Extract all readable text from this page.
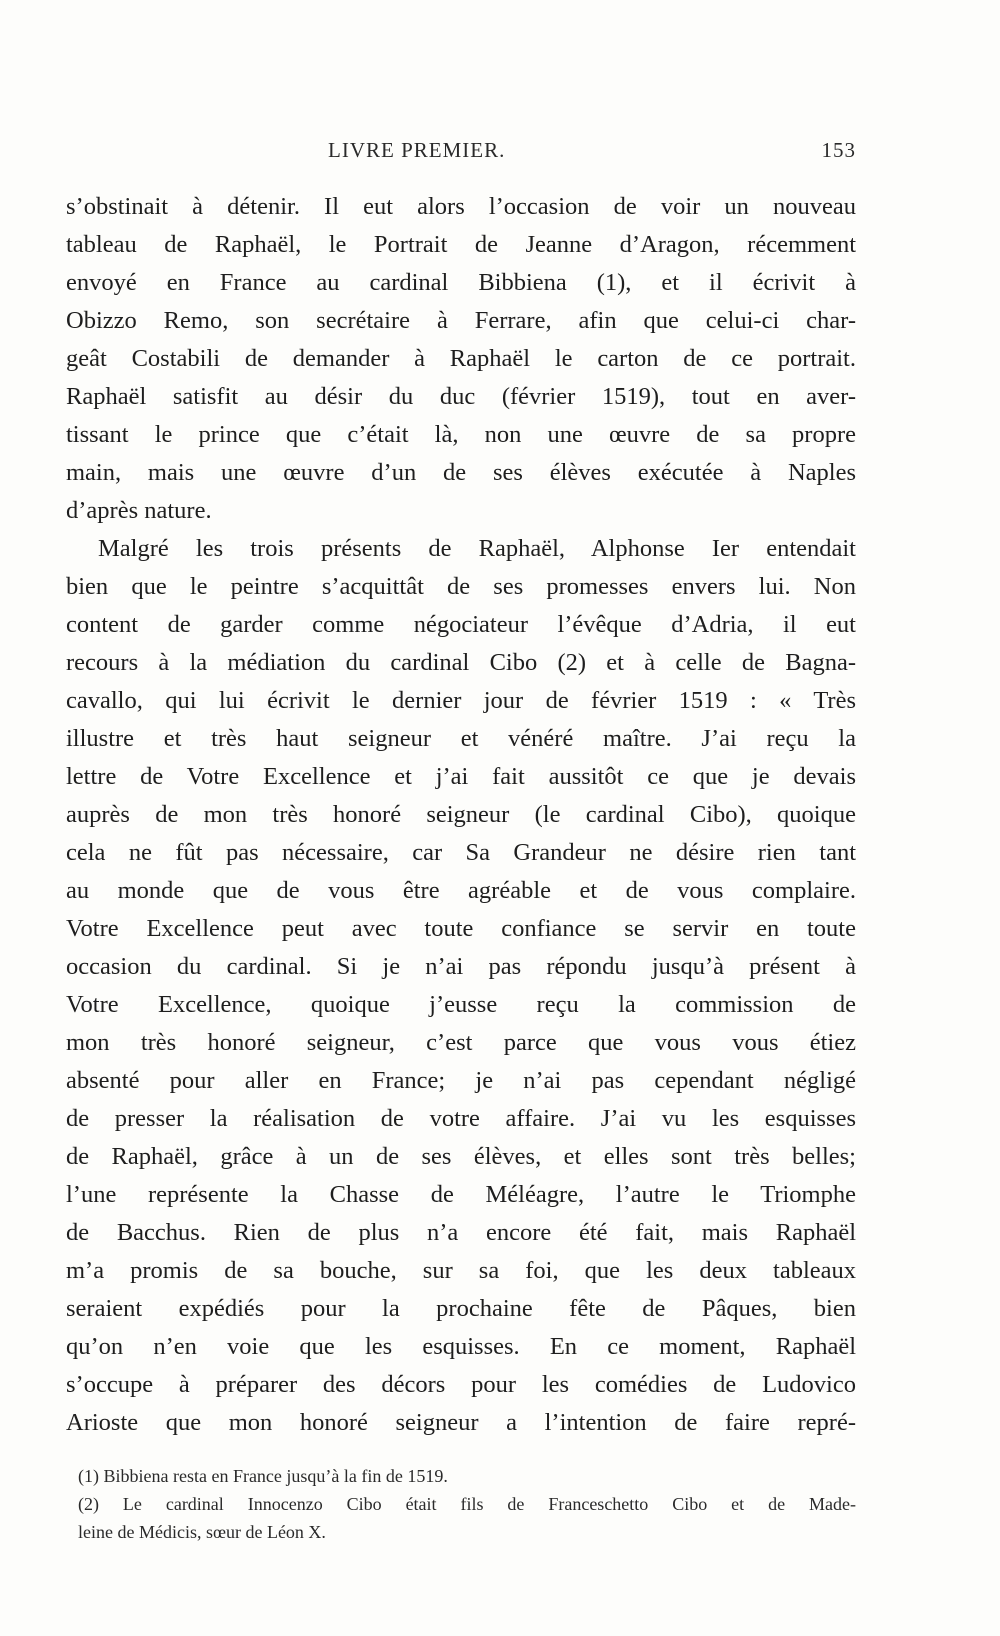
LIVRE PREMIER.	153

s’obstinait à détenir. Il eut alors l’occasion de voir un nouveau
tableau de Raphaël, le Portrait de Jeanne d’Aragon, récemment
envoyé en France au cardinal Bibbiena (1), et il écrivit à
Obizzo Remo, son secrétaire à Ferrare, afin que celui-ci char-
geât Costabili de demander à Raphaël le carton de ce portrait.
Raphaël satisfit au désir du duc (février 1519), tout en aver-
tissant le prince que c’était là, non une œuvre de sa propre
main, mais une œuvre d’un de ses élèves exécutée à Naples
d’après nature.

Malgré les trois présents de Raphaël, Alphonse Ier entendait
bien que le peintre s’acquittât de ses promesses envers lui. Non
content de garder comme négociateur l’évêque d’Adria, il eut
recours à la médiation du cardinal Cibo (2) et à celle de Bagna-
cavallo, qui lui écrivit le dernier jour de février 1519 : « Très
illustre et très haut seigneur et vénéré maître. J’ai reçu la
lettre de Votre Excellence et j’ai fait aussitôt ce que je devais
auprès de mon très honoré seigneur (le cardinal Cibo), quoique
cela ne fût pas nécessaire, car Sa Grandeur ne désire rien tant
au monde que de vous être agréable et de vous complaire.
Votre Excellence peut avec toute confiance se servir en toute
occasion du cardinal. Si je n’ai pas répondu jusqu’à présent à
Votre Excellence, quoique j’eusse reçu la commission de
mon très honoré seigneur, c’est parce que vous vous étiez
absenté pour aller en France; je n’ai pas cependant négligé
de presser la réalisation de votre affaire. J’ai vu les esquisses
de Raphaël, grâce à un de ses élèves, et elles sont très belles;
l’une représente la Chasse de Méléagre, l’autre le Triomphe
de Bacchus. Rien de plus n’a encore été fait, mais Raphaël
m’a promis de sa bouche, sur sa foi, que les deux tableaux
seraient expédiés pour la prochaine fête de Pâques, bien
qu’on n’en voie que les esquisses. En ce moment, Raphaël
s’occupe à préparer des décors pour les comédies de Ludovico
Arioste que mon honoré seigneur a l’intention de faire repré-

(1) Bibbiena resta en France jusqu’à la fin de 1519.
(2) Le cardinal Innocenzo Cibo était fils de Franceschetto Cibo et de Made-
leine de Médicis, sœur de Léon X.
